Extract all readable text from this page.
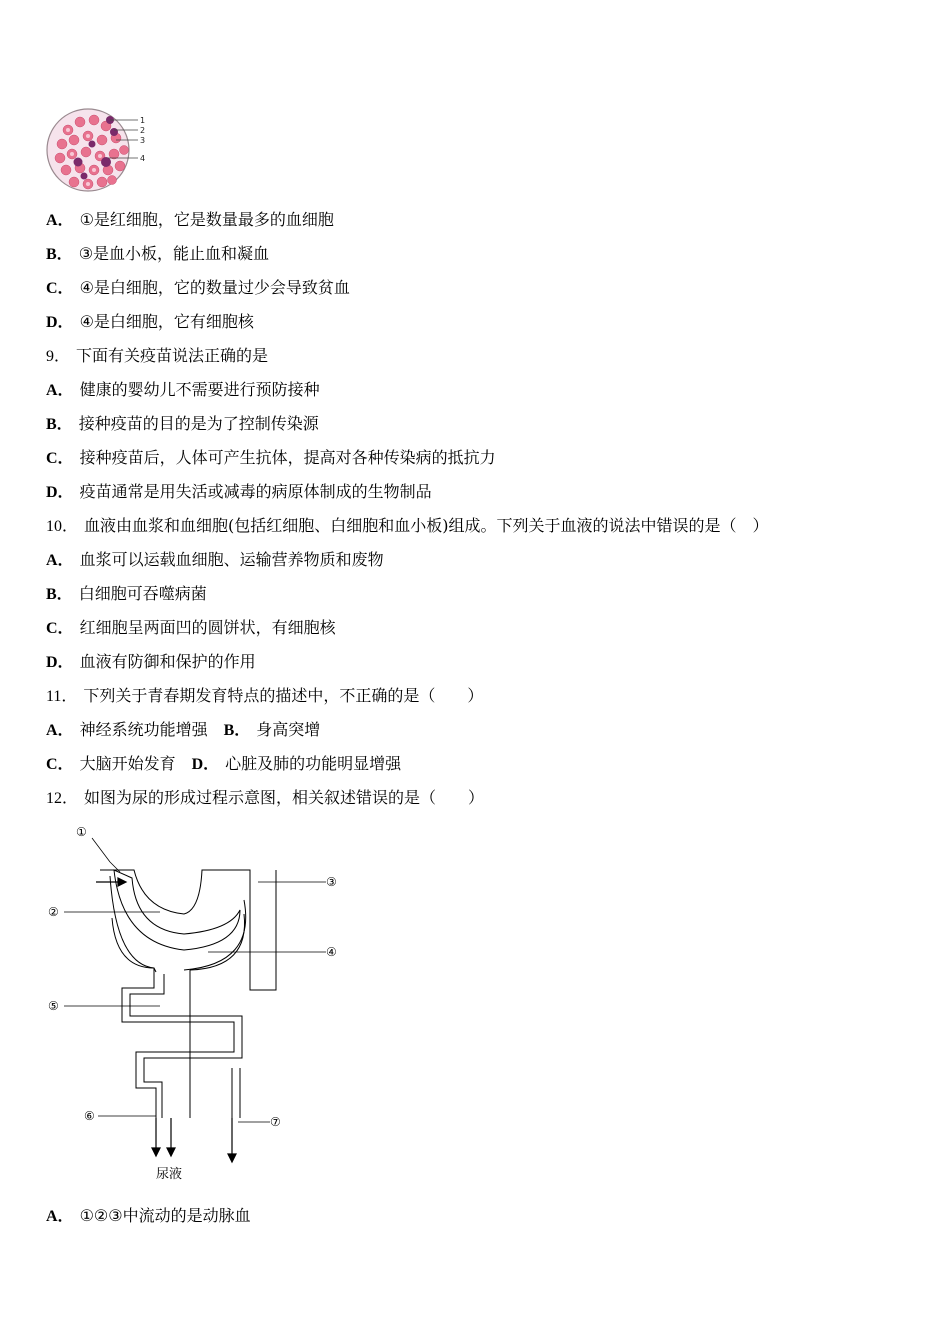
1
2
3
4
A． ①是红细胞，它是数量最多的血细胞
B． ③是血小板，能止血和凝血
C． ④是白细胞，它的数量过少会导致贫血
D． ④是白细胞，它有细胞核
9． 下面有关疫苗说法正确的是
A． 健康的婴幼儿不需要进行预防接种
B． 接种疫苗的目的是为了控制传染源
C． 接种疫苗后，人体可产生抗体，提高对各种传染病的抵抗力
D． 疫苗通常是用失活或减毒的病原体制成的生物制品
10． 血液由血浆和血细胞(包括红细胞、白细胞和血小板)组成。下列关于血液的说法中错误的是（　）
A． 血浆可以运载血细胞、运输营养物质和废物
B． 白细胞可吞噬病菌
C． 红细胞呈两面凹的圆饼状，有细胞核
D． 血液有防御和保护的作用
11． 下列关于青春期发育特点的描述中，不正确的是（　　）
A． 神经系统功能增强 B． 身高突增
C． 大脑开始发育 D． 心脏及肺的功能明显增强
12． 如图为尿的形成过程示意图，相关叙述错误的是（　　）
①
②
③
④
⑤
⑥	⑦
尿液
A． ①②③中流动的是动脉血
